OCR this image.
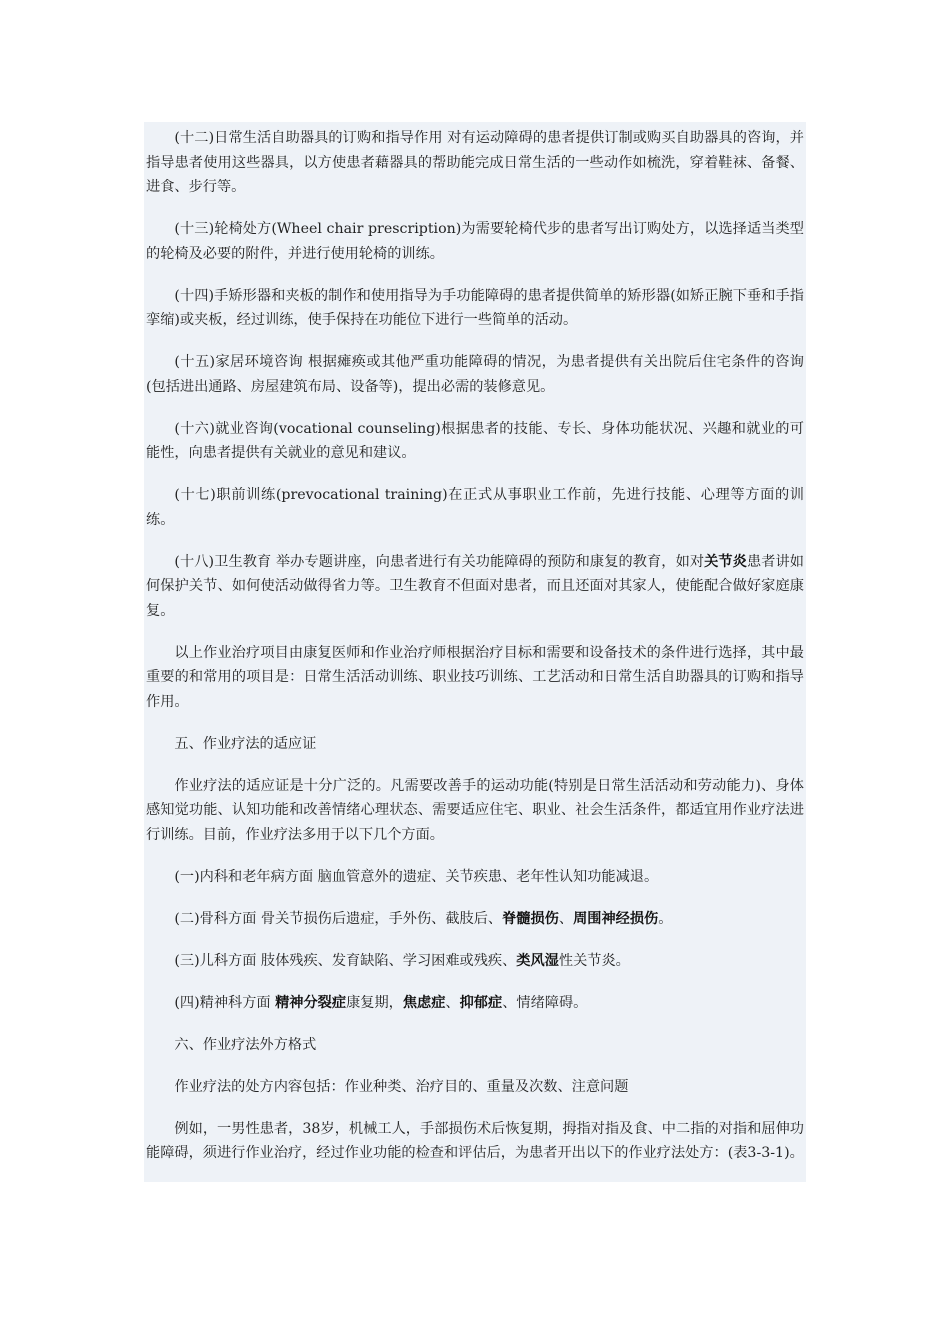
(十二)日常生活自助器具的订购和指导作用 对有运动障碍的患者提供订制或购买自助器具的咨询，并指导患者使用这些器具，以方使患者藉器具的帮助能完成日常生活的一些动作如梳洗，穿着鞋袜、备餐、进食、步行等。

(十三)轮椅处方(Wheel chair prescription)为需要轮椅代步的患者写出订购处方，以选择适当类型的轮椅及必要的附件，并进行使用轮椅的训练。

(十四)手矫形器和夹板的制作和使用指导为手功能障碍的患者提供简单的矫形器(如矫正腕下垂和手指挛缩)或夹板，经过训练，使手保持在功能位下进行一些简单的活动。

(十五)家居环境咨询 根据瘫痪或其他严重功能障碍的情况，为患者提供有关出院后住宅条件的咨询(包括进出通路、房屋建筑布局、设备等)，提出必需的装修意见。

(十六)就业咨询(vocational counseling)根据患者的技能、专长、身体功能状况、兴趣和就业的可能性，向患者提供有关就业的意见和建议。

(十七)职前训练(prevocational training)在正式从事职业工作前，先进行技能、心理等方面的训练。

(十八)卫生教育 举办专题讲座，向患者进行有关功能障碍的预防和康复的教育，如对关节炎患者讲如何保护关节、如何使活动做得省力等。卫生教育不但面对患者，而且还面对其家人，使能配合做好家庭康复。

以上作业治疗项目由康复医师和作业治疗师根据治疗目标和需要和设备技术的条件进行选择，其中最重要的和常用的项目是：日常生活活动训练、职业技巧训练、工艺活动和日常生活自助器具的订购和指导作用。

五、作业疗法的适应证

作业疗法的适应证是十分广泛的。凡需要改善手的运动功能(特别是日常生活活动和劳动能力)、身体感知觉功能、认知功能和改善情绪心理状态、需要适应住宅、职业、社会生活条件，都适宜用作业疗法进行训练。目前，作业疗法多用于以下几个方面。

(一)内科和老年病方面 脑血管意外的遗症、关节疾患、老年性认知功能减退。

(二)骨科方面 骨关节损伤后遗症，手外伤、截肢后、脊髓损伤、周围神经损伤。

(三)儿科方面 肢体残疾、发育缺陷、学习困难或残疾、类风湿性关节炎。

(四)精神科方面 精神分裂症康复期，焦虑症、抑郁症、情绪障碍。

六、作业疗法外方格式

作业疗法的处方内容包括：作业种类、治疗目的、重量及次数、注意问题

例如，一男性患者，38岁，机械工人，手部损伤术后恢复期，拇指对指及食、中二指的对指和屈伸功能障碍，须进行作业治疗，经过作业功能的检查和评估后，为患者开出以下的作业疗法处方：(表3-3-1)。
